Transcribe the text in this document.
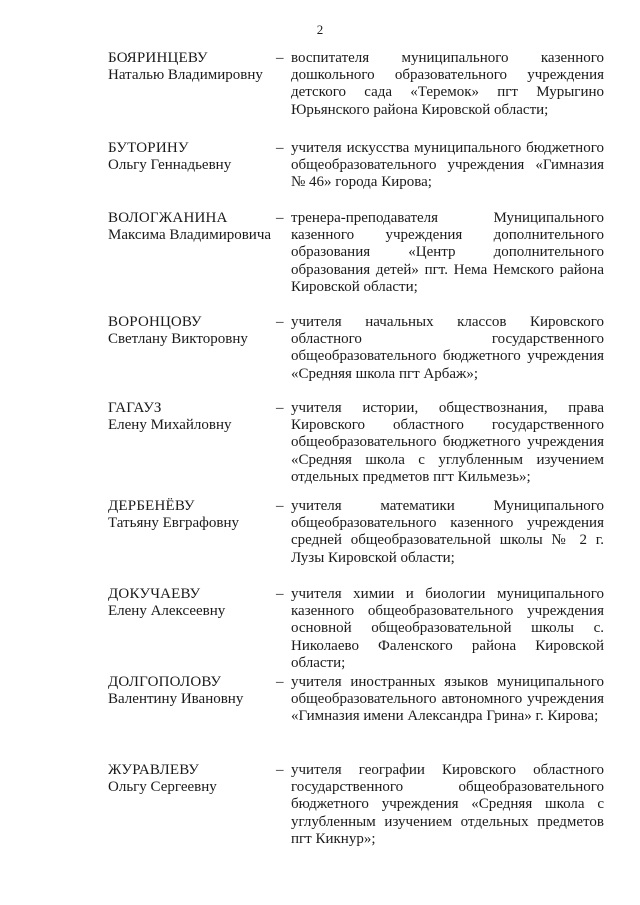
2
БОЯРИНЦЕВУ
Наталью Владимировну
– воспитателя муниципального казенного дошкольного образовательного учреждения детского сада «Теремок» пгт Мурыгино Юрьянского района Кировской области;
БУТОРИНУ
Ольгу Геннадьевну
– учителя искусства муниципального бюджетного общеобразовательного учреждения «Гимназия № 46» города Кирова;
ВОЛОГЖАНИНА
Максима Владимировича
– тренера-преподавателя Муниципального казенного учреждения дополнительного образования «Центр дополнительного образования детей» пгт. Нема Немского района Кировской области;
ВОРОНЦОВУ
Светлану Викторовну
– учителя начальных классов Кировского областного государственного общеобразовательного бюджетного учреждения «Средняя школа пгт Арбаж»;
ГАГАУЗ
Елену Михайловну
– учителя истории, обществознания, права Кировского областного государственного общеобразовательного бюджетного учреждения «Средняя школа с углубленным изучением отдельных предметов пгт Кильмезь»;
ДЕРБЕНЁВУ
Татьяну Евграфовну
– учителя математики Муниципального общеобразовательного казенного учреждения средней общеобразовательной школы № 2 г. Лузы Кировской области;
ДОКУЧАЕВУ
Елену Алексеевну
– учителя химии и биологии муниципального казенного общеобразовательного учреждения основной общеобразовательной школы с. Николаево Фаленского района Кировской области;
ДОЛГОПОЛОВУ
Валентину Ивановну
– учителя иностранных языков муниципального общеобразовательного автономного учреждения «Гимназия имени Александра Грина» г. Кирова;
ЖУРАВЛЕВУ
Ольгу Сергеевну
– учителя географии Кировского областного государственного общеобразовательного бюджетного учреждения «Средняя школа с углубленным изучением отдельных предметов пгт Кикнур»;
